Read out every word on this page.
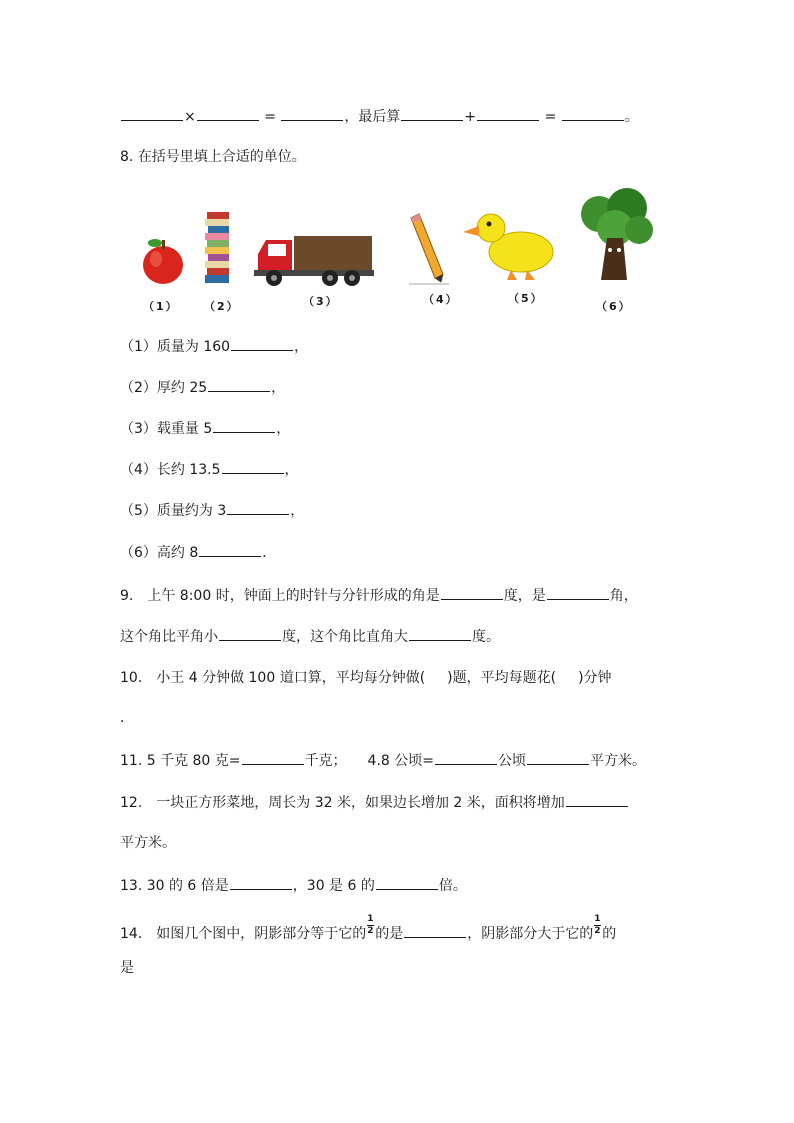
×	=	，最后算	+	=	。
8. 在括号里填上合适的单位。
（1） （2）	（3）	（4）	（5）
（6）
（1）质量为 160	，
（2）厚约 25	，
（3）载重量 5	，
（4）长约 13.5	，
（5）质量约为 3	，
（6）高约 8	．
9.　上午 8:00 时，钟面上的时针与分针形成的角是	度，是	角，
这个角比平角小	度，这个角比直角大	度。
10.　小王 4 分钟做 100 道口算，平均每分钟做( )题，平均每题花( )分钟
．
11. 5 千克 80 克=	千克；　　4.8 公顷=	公顷	平方米。
12.　一块正方形菜地，周长为 32 米，如果边长增加 2 米，面积将增加
平方米。
13. 30 的 6 倍是	，30 是 6 的	倍。
14.　如图几个图中，阴影部分等于它的 $\frac{1}{2}$ 的是	，阴影部分大于它的 $\frac{1}{2}$ 的
是
